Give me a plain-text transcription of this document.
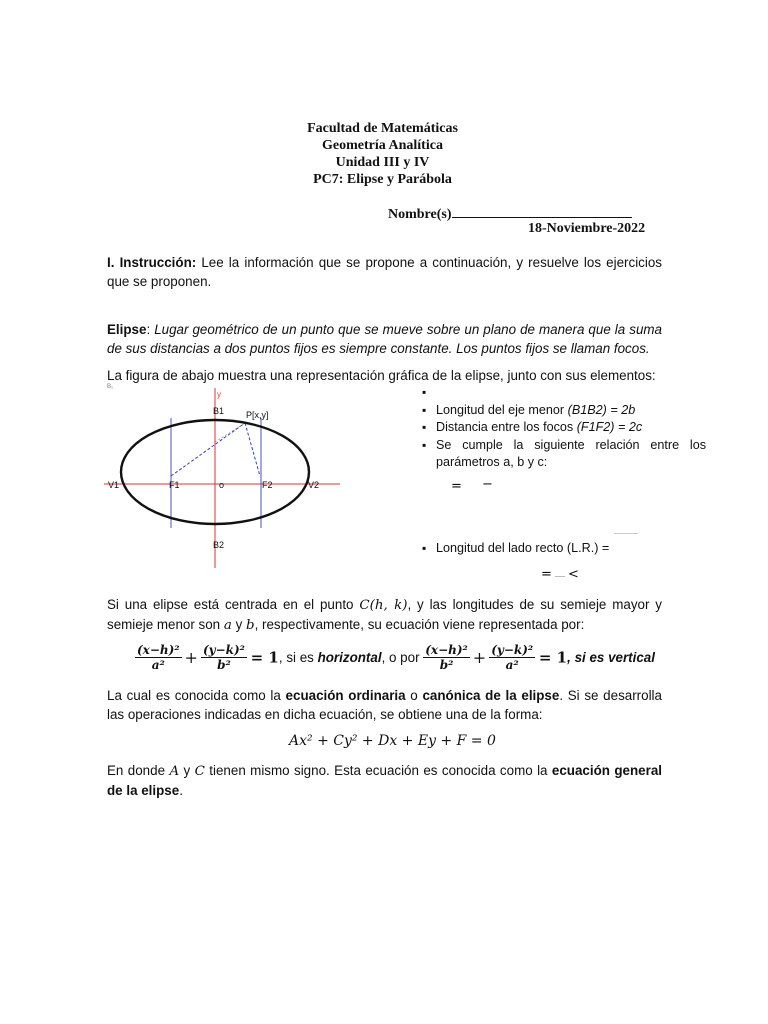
Facultad de Matemáticas
Geometría Analítica
Unidad III y IV
PC7: Elipse y Parábola
Nombre(s)
18-Noviembre-2022
I. Instrucción: Lee la información que se propone a continuación, y resuelve los ejercicios que se proponen.
Elipse: Lugar geométrico de un punto que se mueve sobre un plano de manera que la suma de sus distancias a dos puntos fijos es siempre constante. Los puntos fijos se llaman focos.
La figura de abajo muestra una representación gráfica de la elipse, junto con sus elementos:
B₁
y
B1 P[x,y]
V1	F1	o	F2	V2
B2
▪
▪ Longitud del eje menor (B1B2) = 2b
▪ Distancia entre los focos (F1F2) = 2c
▪ Se cumple la siguiente relación entre los parámetros a, b y c:
= −
▪ Longitud del lado recto (L.R.) =
= <
Si una elipse está centrada en el punto C(h, k), y las longitudes de su semieje mayor y semieje menor son a y b, respectivamente, su ecuación viene representada por:
$\frac{\text{(x−h)²}}{\text{a²}} + \frac{\text{(y−k)²}}{\text{b²}} = 1$, si es horizontal, o por $\frac{\text{(x−h)²}}{\text{b²}} + \frac{\text{(y−k)²}}{\text{a²}} = 1$, si es vertical
La cual es conocida como la ecuación ordinaria o canónica de la elipse. Si se desarrolla las operaciones indicadas en dicha ecuación, se obtiene una de la forma:
Ax² + Cy² + Dx + Ey + F = 0
En donde A y C tienen mismo signo. Esta ecuación es conocida como la ecuación general de la elipse.
